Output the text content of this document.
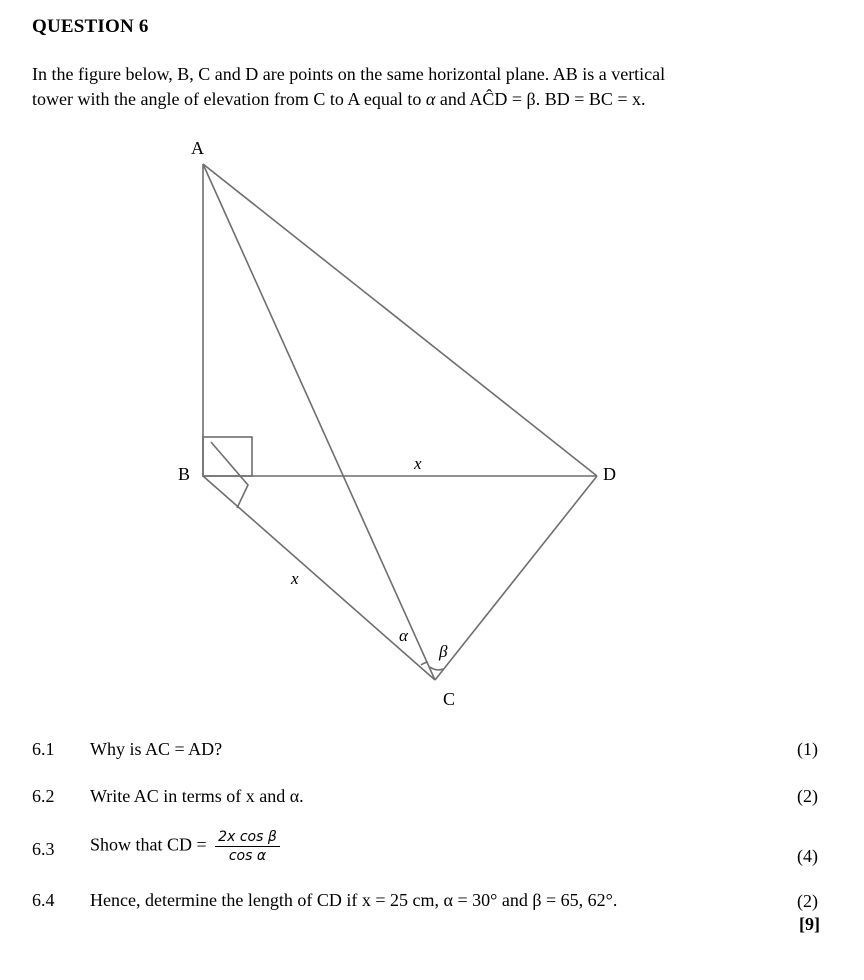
QUESTION 6

In the figure below, B, C and D are points on the same horizontal plane. AB is a vertical

tower with the angle of elevation from C to A equal to α and AĈD = β. BD = BC = x.

A
B
C
D
x
x
α
β
6.1 Why is AC = AD?	(1)
6.2 Write AC in terms of x and α.	(2)
6.3 Show that CD = $\frac{\text{2x cos β}}{\text{cos α}}$	(4)
6.4 Hence, determine the length of CD if x = 25 cm, α = 30° and β = 65, 62°.	(2)
[9]
